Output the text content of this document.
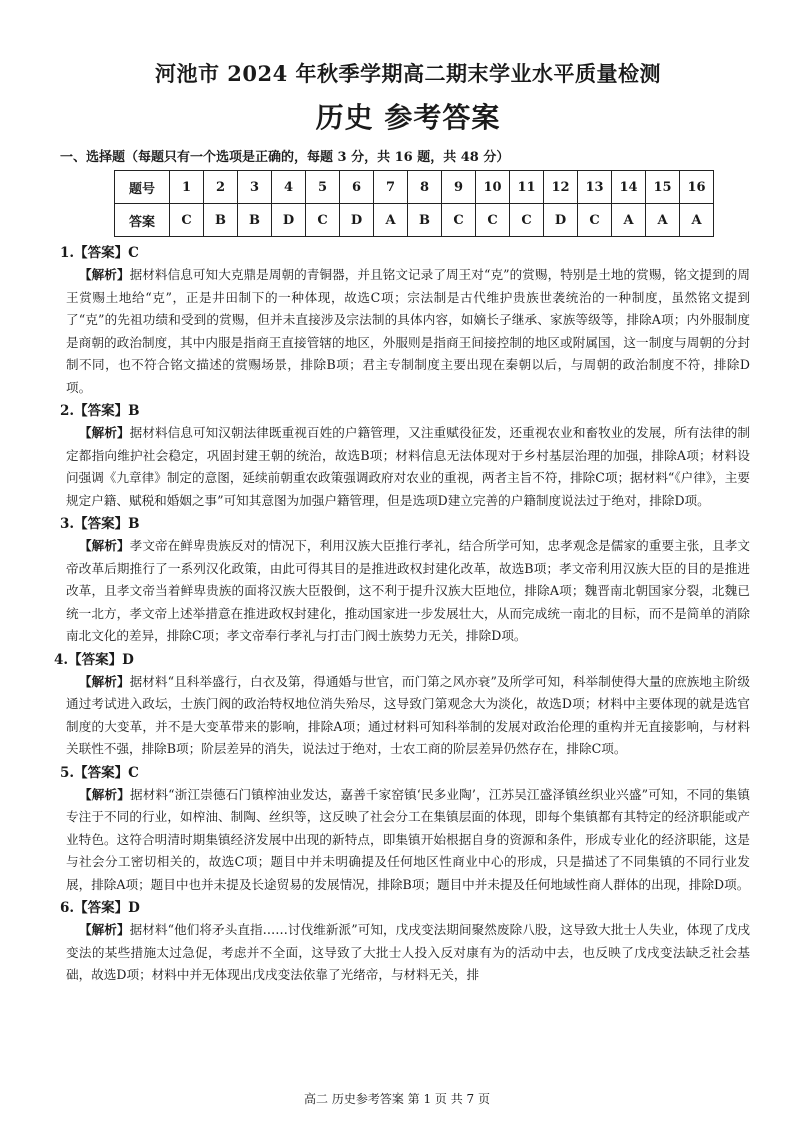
河池市 2024 年秋季学期高二期末学业水平质量检测
历史 参考答案
一、选择题（每题只有一个选项是正确的，每题 3 分，共 16 题，共 48 分）
题号	1	2	3	4	5	6	7	8	9	10	11	12	13	14	15	16
答案	C	B	B	D	C	D	A	B	C	C	C	D	C	A	A	A
1.【答案】C

【解析】据材料信息可知大克鼎是周朝的青铜器，并且铭文记录了周王对“克”的赏赐，特别是土地的赏赐，铭文提到的周王赏赐土地给“克”，正是井田制下的一种体现，故选C项；宗法制是古代维护贵族世袭统治的一种制度，虽然铭文提到了“克”的先祖功绩和受到的赏赐，但并未直接涉及宗法制的具体内容，如嫡长子继承、家族等级等，排除A项；内外服制度是商朝的政治制度，其中内服是指商王直接管辖的地区，外服则是指商王间接控制的地区或附属国，这一制度与周朝的分封制不同，也不符合铭文描述的赏赐场景，排除B项；君主专制制度主要出现在秦朝以后，与周朝的政治制度不符，排除D项。

2.【答案】B

【解析】据材料信息可知汉朝法律既重视百姓的户籍管理，又注重赋役征发，还重视农业和畜牧业的发展，所有法律的制定都指向维护社会稳定，巩固封建王朝的统治，故选B项；材料信息无法体现对于乡村基层治理的加强，排除A项；材料设问强调《九章律》制定的意图，延续前朝重农政策强调政府对农业的重视，两者主旨不符，排除C项；据材料“《户律》，主要规定户籍、赋税和婚姻之事”可知其意图为加强户籍管理，但是选项D建立完善的户籍制度说法过于绝对，排除D项。

3.【答案】B

【解析】孝文帝在鲜卑贵族反对的情况下，利用汉族大臣推行孝礼，结合所学可知，忠孝观念是儒家的重要主张，且孝文帝改革后期推行了一系列汉化政策，由此可得其目的是推进政权封建化改革，故选B项；孝文帝利用汉族大臣的目的是推进改革，且孝文帝当着鲜卑贵族的面将汉族大臣骰倒，这不利于提升汉族大臣地位，排除A项；魏晋南北朝国家分裂，北魏已统一北方，孝文帝上述举措意在推进政权封建化，推动国家进一步发展壮大，从而完成统一南北的目标，而不是简单的消除南北文化的差异，排除C项；孝文帝奉行孝礼与打击门阀士族势力无关，排除D项。

4.【答案】D

【解析】据材料“且科举盛行，白衣及第，得通婚与世官，而门第之风亦衰”及所学可知，科举制使得大量的庶族地主阶级通过考试进入政坛，士族门阀的政治特权地位消失殆尽，这导致门第观念大为淡化，故选D项；材料中主要体现的就是选官制度的大变革，并不是大变革带来的影响，排除A项；通过材料可知科举制的发展对政治伦理的重构并无直接影响，与材料关联性不强，排除B项；阶层差异的消失，说法过于绝对，士农工商的阶层差异仍然存在，排除C项。

5.【答案】C

【解析】据材料“浙江崇德石门镇榨油业发达，嘉善千家窑镇‘民多业陶’，江苏吴江盛泽镇丝织业兴盛”可知，不同的集镇专注于不同的行业，如榨油、制陶、丝织等，这反映了社会分工在集镇层面的体现，即每个集镇都有其特定的经济职能或产业特色。这符合明清时期集镇经济发展中出现的新特点，即集镇开始根据自身的资源和条件，形成专业化的经济职能，这是与社会分工密切相关的，故选C项；题目中并未明确提及任何地区性商业中心的形成，只是描述了不同集镇的不同行业发展，排除A项；题目中也并未提及长途贸易的发展情况，排除B项；题目中并未提及任何地域性商人群体的出现，排除D项。

6.【答案】D

【解析】据材料“他们将矛头直指……讨伐维新派”可知，戊戌变法期间聚然废除八股，这导致大批士人失业，体现了戊戌变法的某些措施太过急促，考虑并不全面，这导致了大批士人投入反对康有为的活动中去，也反映了戊戌变法缺乏社会基础，故选D项；材料中并无体现出戊戌变法依靠了光绪帝，与材料无关，排

高二 历史参考答案 第 1 页 共 7 页
